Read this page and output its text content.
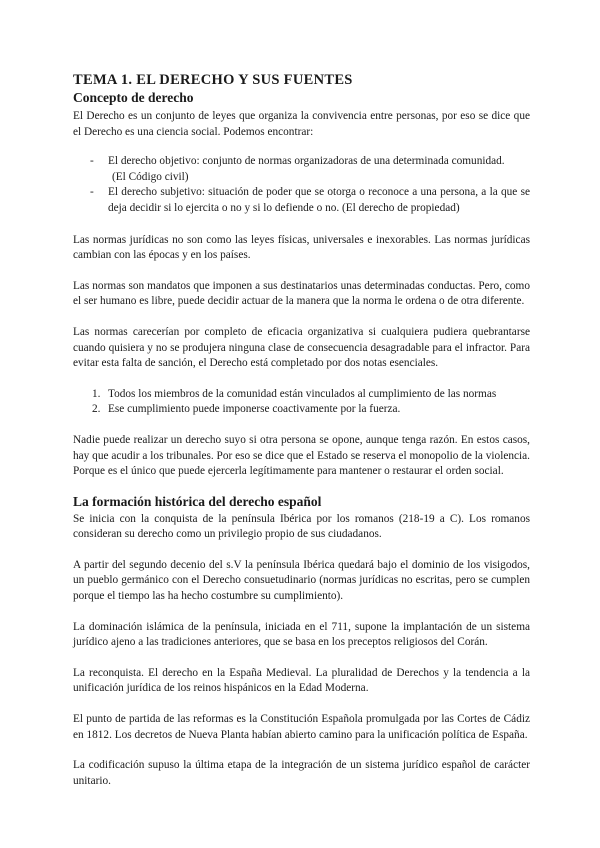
TEMA 1. EL DERECHO Y SUS FUENTES
Concepto de derecho

El Derecho es un conjunto de leyes que organiza la convivencia entre personas, por eso se dice que el Derecho es una ciencia social. Podemos encontrar:

- El derecho objetivo: conjunto de normas organizadoras de una determinada comunidad.
(El Código civil)
- El derecho subjetivo: situación de poder que se otorga o reconoce a una persona, a la que se deja decidir si lo ejercita o no y si lo defiende o no. (El derecho de propiedad)

Las normas jurídicas no son como las leyes físicas, universales e inexorables. Las normas jurídicas cambian con las épocas y en los países.

Las normas son mandatos que imponen a sus destinatarios unas determinadas conductas. Pero, como el ser humano es libre, puede decidir actuar de la manera que la norma le ordena o de otra diferente.

Las normas carecerían por completo de eficacia organizativa si cualquiera pudiera quebrantarse cuando quisiera y no se produjera ninguna clase de consecuencia desagradable para el infractor. Para evitar esta falta de sanción, el Derecho está completado por dos notas esenciales.

1. Todos los miembros de la comunidad están vinculados al cumplimiento de las normas
2. Ese cumplimiento puede imponerse coactivamente por la fuerza.

Nadie puede realizar un derecho suyo si otra persona se opone, aunque tenga razón. En estos casos, hay que acudir a los tribunales. Por eso se dice que el Estado se reserva el monopolio de la violencia. Porque es el único que puede ejercerla legítimamente para mantener o restaurar el orden social.

La formación histórica del derecho español

Se inicia con la conquista de la península Ibérica por los romanos (218-19 a C). Los romanos consideran su derecho como un privilegio propio de sus ciudadanos.

A partir del segundo decenio del s.V la península Ibérica quedará bajo el dominio de los visigodos, un pueblo germánico con el Derecho consuetudinario (normas jurídicas no escritas, pero se cumplen porque el tiempo las ha hecho costumbre su cumplimiento).

La dominación islámica de la península, iniciada en el 711, supone la implantación de un sistema jurídico ajeno a las tradiciones anteriores, que se basa en los preceptos religiosos del Corán.

La reconquista. El derecho en la España Medieval. La pluralidad de Derechos y la tendencia a la unificación jurídica de los reinos hispánicos en la Edad Moderna.

El punto de partida de las reformas es la Constitución Española promulgada por las Cortes de Cádiz en 1812. Los decretos de Nueva Planta habían abierto camino para la unificación política de España.

La codificación supuso la última etapa de la integración de un sistema jurídico español de carácter unitario.
